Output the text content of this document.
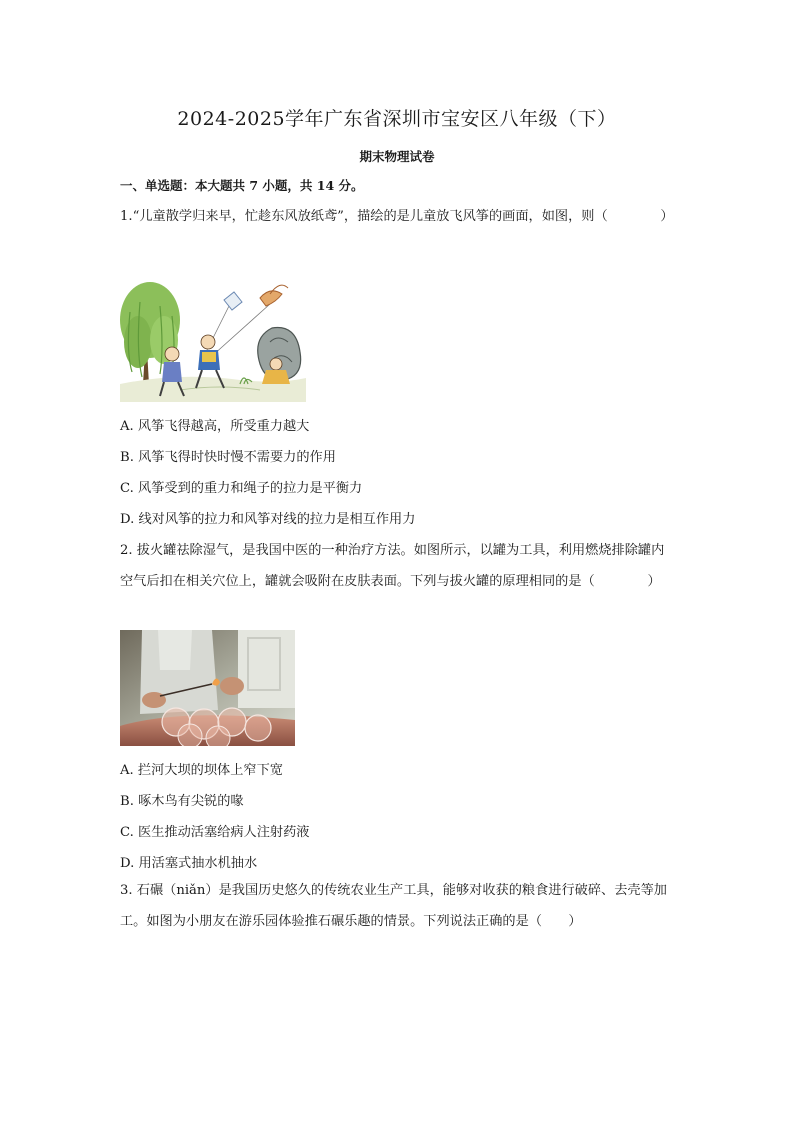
2024-2025学年广东省深圳市宝安区八年级（下）
期末物理试卷
一、单选题：本大题共 7 小题，共 14 分。
1.“儿童散学归来早，忙趁东风放纸鸢”，描绘的是儿童放飞风筝的画面，如图，则（　　　　）
A. 风筝飞得越高，所受重力越大
B. 风筝飞得时快时慢不需要力的作用
C. 风筝受到的重力和绳子的拉力是平衡力
D. 线对风筝的拉力和风筝对线的拉力是相互作用力
2. 拔火罐祛除湿气，是我国中医的一种治疗方法。如图所示，以罐为工具，利用燃烧排除罐内空气后扣在相关穴位上，罐就会吸附在皮肤表面。下列与拔火罐的原理相同的是（　　　　）
A. 拦河大坝的坝体上窄下宽
B. 啄木鸟有尖锐的喙
C. 医生推动活塞给病人注射药液
D. 用活塞式抽水机抽水
3. 石碾（niǎn）是我国历史悠久的传统农业生产工具，能够对收获的粮食进行破碎、去壳等加工。如图为小朋友在游乐园体验推石碾乐趣的情景。下列说法正确的是（　　）
